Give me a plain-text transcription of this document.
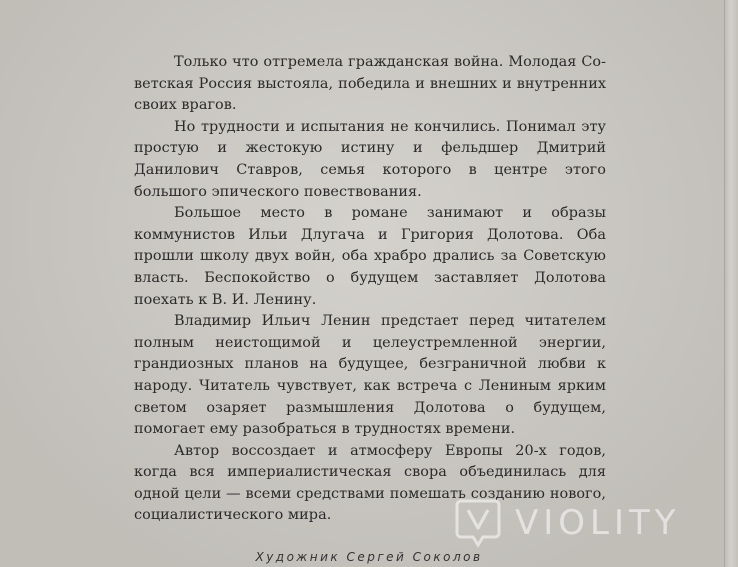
Только что отгремела гражданская война. Молодая Советская Россия выстояла, победила и внешних и внутренних своих врагов.

Но трудности и испытания не кончились. Понимал эту простую и жестокую истину и фельдшер Дмитрий Данилович Ставров, семья которого в центре этого большого эпического повествования.

Большое место в романе занимают и образы коммунистов Ильи Длугача и Григория Долотова. Оба прошли школу двух войн, оба храбро дрались за Советскую власть. Беспокойство о будущем заставляет Долотова поехать к В. И. Ленину.

Владимир Ильич Ленин предстает перед читателем полным неистощимой и целеустремленной энергии, грандиозных планов на будущее, безграничной любви к народу. Читатель чувствует, как встреча с Лениным ярким светом озаряет размышления Долотова о будущем, помогает ему разобраться в трудностях времени.

Автор воссоздает и атмосферу Европы 20-х годов, когда вся империалистическая свора объединилась для одной цели — всеми средствами помешать созданию нового, социалистического мира.	VIOLITY
Художник Сергей Соколов
